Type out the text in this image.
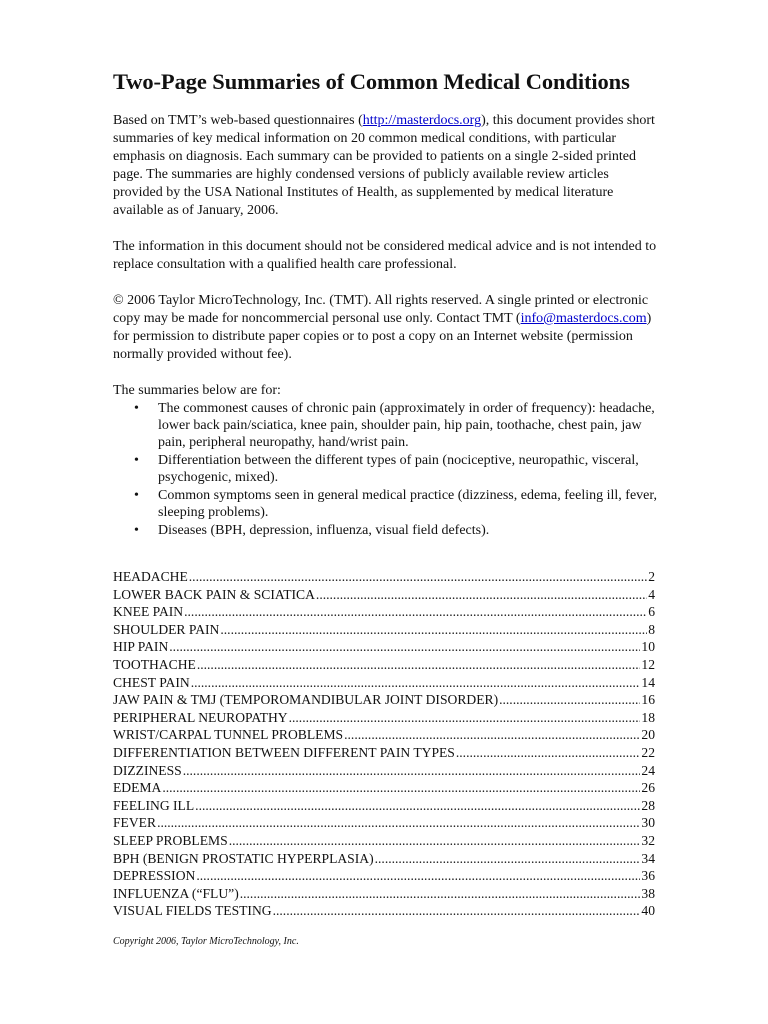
Two-Page Summaries of Common Medical Conditions

Based on TMT’s web-based questionnaires (http://masterdocs.org), this document provides short summaries of key medical information on 20 common medical conditions, with particular emphasis on diagnosis. Each summary can be provided to patients on a single 2-sided printed page. The summaries are highly condensed versions of publicly available review articles provided by the USA National Institutes of Health, as supplemented by medical literature available as of January, 2006.

The information in this document should not be considered medical advice and is not intended to replace consultation with a qualified health care professional.

© 2006 Taylor MicroTechnology, Inc. (TMT). All rights reserved. A single printed or electronic copy may be made for noncommercial personal use only. Contact TMT (info@masterdocs.com) for permission to distribute paper copies or to post a copy on an Internet website (permission normally provided without fee).

The summaries below are for:

• The commonest causes of chronic pain (approximately in order of frequency): headache, lower back pain/sciatica, knee pain, shoulder pain, hip pain, toothache, chest pain, jaw pain, peripheral neuropathy, hand/wrist pain.
• Differentiation between the different types of pain (nociceptive, neuropathic, visceral, psychogenic, mixed).
• Common symptoms seen in general medical practice (dizziness, edema, feeling ill, fever, sleeping problems).
• Diseases (BPH, depression, influenza, visual field defects).
HEADACHE .....	2
LOWER BACK PAIN & SCIATICA .....	4
KNEE PAIN .....	6
SHOULDER PAIN .....	8
HIP PAIN .....	10
TOOTHACHE .....	12
CHEST PAIN .....	14
JAW PAIN & TMJ (TEMPOROMANDIBULAR JOINT DISORDER) .....	16
PERIPHERAL NEUROPATHY .....	18
WRIST/CARPAL TUNNEL PROBLEMS .....	20
DIFFERENTIATION BETWEEN DIFFERENT PAIN TYPES .....	22
DIZZINESS .....	24
EDEMA .....	26
FEELING ILL .....	28
FEVER .....	30
SLEEP PROBLEMS .....	32
BPH (BENIGN PROSTATIC HYPERPLASIA) .....	34
DEPRESSION .....	36
INFLUENZA (“FLU”) .....	38
VISUAL FIELDS TESTING .....	40
Copyright 2006, Taylor MicroTechnology, Inc.
